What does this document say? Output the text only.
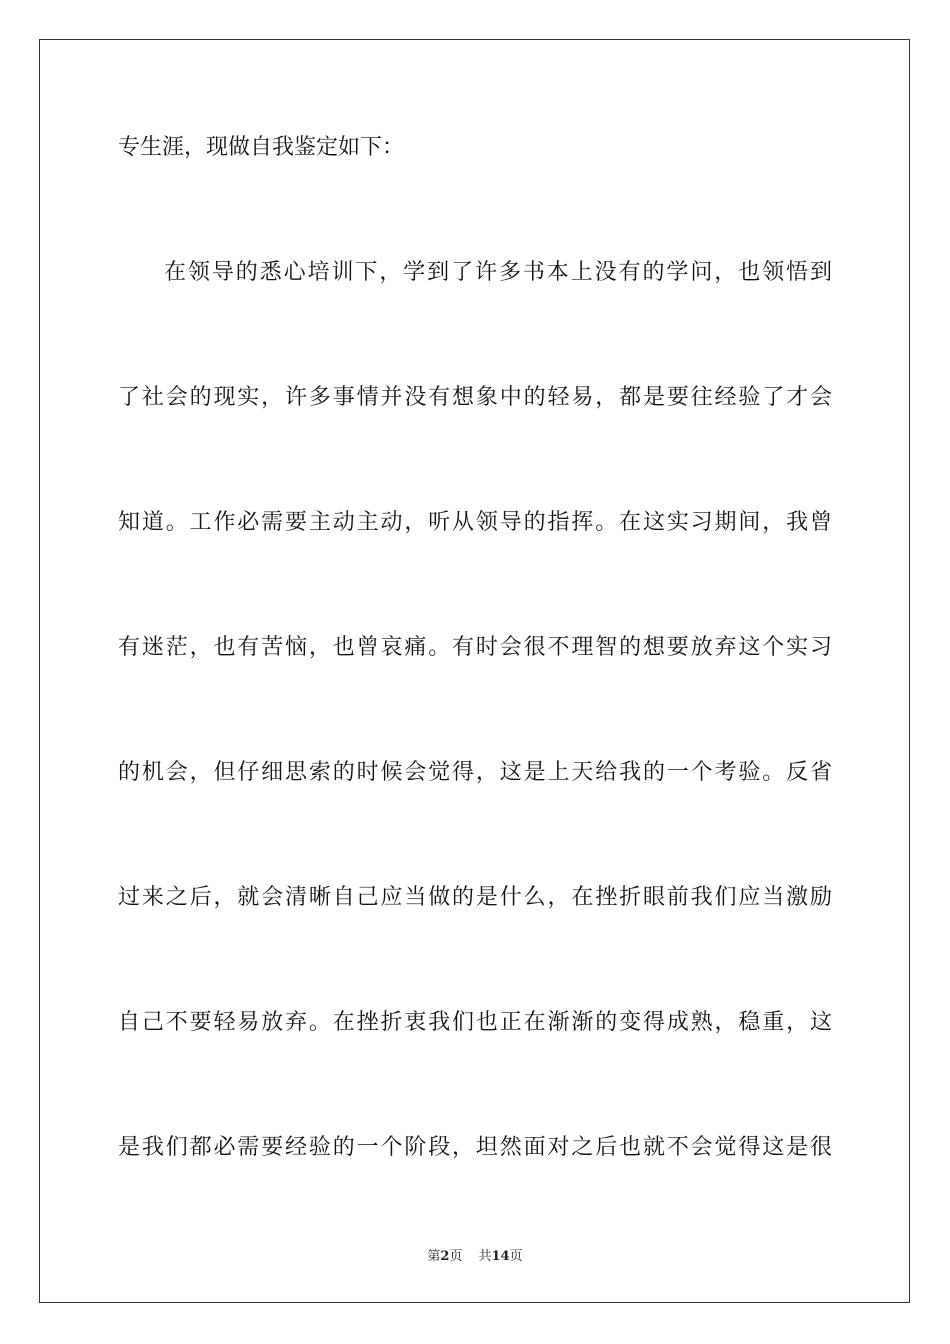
专生涯，现做自我鉴定如下：
在领导的悉心培训下，学到了许多书本上没有的学问，也领悟到
了社会的现实，许多事情并没有想象中的轻易，都是要往经验了才会
知道。工作必需要主动主动，听从领导的指挥。在这实习期间，我曾
有迷茫，也有苦恼，也曾哀痛。有时会很不理智的想要放弃这个实习
的机会，但仔细思索的时候会觉得，这是上天给我的一个考验。反省
过来之后，就会清晰自己应当做的是什么，在挫折眼前我们应当激励
自己不要轻易放弃。在挫折衷我们也正在渐渐的变得成熟，稳重，这
是我们都必需要经验的一个阶段，坦然面对之后也就不会觉得这是很
第2页 共14页
